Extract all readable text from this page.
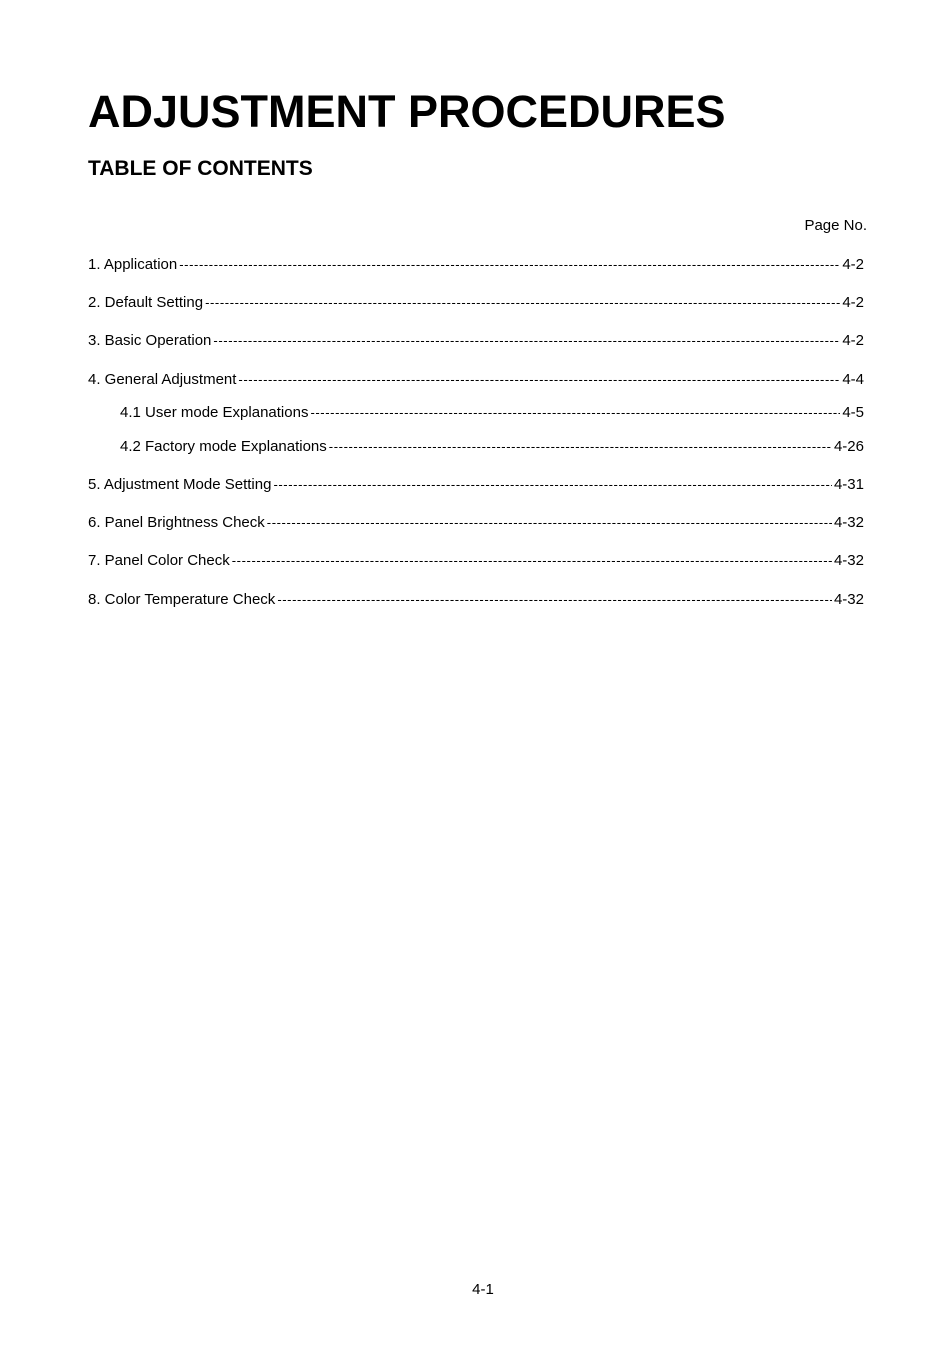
ADJUSTMENT PROCEDURES
TABLE OF CONTENTS
Page No.
1. Application -----	4-2
2. Default Setting -----	4-2
3. Basic Operation -----	4-2
4. General Adjustment -----	4-4
4.1 User mode Explanations -----	4-5
4.2 Factory mode Explanations -----	4-26
5. Adjustment Mode Setting -----	4-31
6. Panel Brightness Check -----	4-32
7. Panel Color Check -----	4-32
8. Color Temperature Check -----	4-32
4-1
